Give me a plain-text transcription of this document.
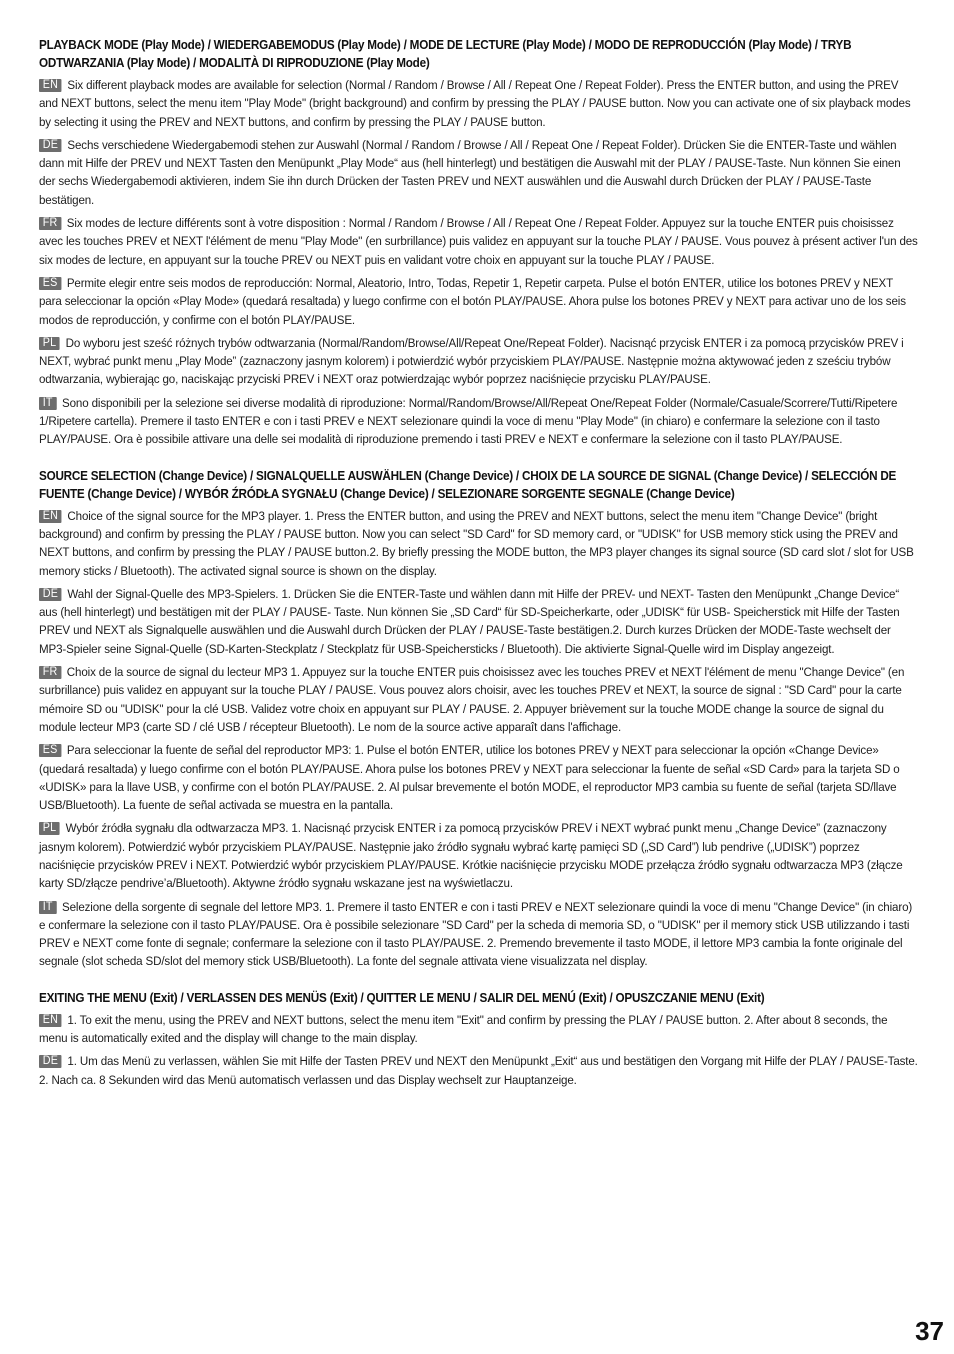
PLAYBACK MODE (Play Mode) / WIEDERGABEMODUS (Play Mode) / MODE DE LECTURE (Play Mode) / MODO DE REPRODUCCIÓN (Play Mode) / TRYB ODTWARZANIA (Play Mode) / MODALITÀ DI RIPRODUZIONE (Play Mode)

EN Six different playback modes are available for selection (Normal / Random / Browse / All / Repeat One / Repeat Folder). Press the ENTER button, and using the PREV and NEXT buttons, select the menu item "Play Mode" (bright background) and confirm by pressing the PLAY / PAUSE button. Now you can activate one of six playback modes by selecting it using the PREV and NEXT buttons, and confirm by pressing the PLAY / PAUSE button.

DE Sechs verschiedene Wiedergabemodi stehen zur Auswahl (Normal / Random / Browse / All / Repeat One / Repeat Folder). Drücken Sie die ENTER-Taste und wählen dann mit Hilfe der PREV und NEXT Tasten den Menüpunkt „Play Mode“ aus (hell hinterlegt) und bestätigen die Auswahl mit der PLAY / PAUSE-Taste. Nun können Sie einen der sechs Wiedergabemodi aktivieren, indem Sie ihn durch Drücken der Tasten PREV und NEXT auswählen und die Auswahl durch Drücken der PLAY / PAUSE-Taste bestätigen.

FR Six modes de lecture différents sont à votre disposition : Normal / Random / Browse / All / Repeat One / Repeat Folder. Appuyez sur la touche ENTER puis choisissez avec les touches PREV et NEXT l'élément de menu "Play Mode" (en surbrillance) puis validez en appuyant sur la touche PLAY / PAUSE. Vous pouvez à présent activer l'un des six modes de lecture, en appuyant sur la touche PREV ou NEXT puis en validant votre choix en appuyant sur la touche PLAY / PAUSE.

ES Permite elegir entre seis modos de reproducción: Normal, Aleatorio, Intro, Todas, Repetir 1, Repetir carpeta. Pulse el botón ENTER, utilice los botones PREV y NEXT para seleccionar la opción «Play Mode» (quedará resaltada) y luego confirme con el botón PLAY/PAUSE. Ahora pulse los botones PREV y NEXT para activar uno de los seis modos de reproducción, y confirme con el botón PLAY/PAUSE.

PL Do wyboru jest sześć różnych trybów odtwarzania (Normal/Random/Browse/All/Repeat One/Repeat Folder). Nacisnąć przycisk ENTER i za pomocą przycisków PREV i NEXT, wybrać punkt menu „Play Mode” (zaznaczony jasnym kolorem) i potwierdzić wybór przyciskiem PLAY/PAUSE. Następnie można aktywować jeden z sześciu trybów odtwarzania, wybierając go, naciskając przyciski PREV i NEXT oraz potwierdzając wybór poprzez naciśnięcie przycisku PLAY/PAUSE.

IT Sono disponibili per la selezione sei diverse modalità di riproduzione: Normal/Random/Browse/All/Repeat One/Repeat Folder (Normale/Casuale/Scorrere/Tutti/Ripetere 1/Ripetere cartella). Premere il tasto ENTER e con i tasti PREV e NEXT selezionare quindi la voce di menu "Play Mode" (in chiaro) e confermare la selezione con il tasto PLAY/PAUSE. Ora è possibile attivare una delle sei modalità di riproduzione premendo i tasti PREV e NEXT e confermare la selezione con il tasto PLAY/PAUSE.

SOURCE SELECTION (Change Device) / SIGNALQUELLE AUSWÄHLEN (Change Device) / CHOIX DE LA SOURCE DE SIGNAL (Change Device) / SELECCIÓN DE FUENTE (Change Device) / WYBÓR ŹRÓDŁA SYGNAŁU (Change Device) / SELEZIONARE SORGENTE SEGNALE (Change Device)

EN Choice of the signal source for the MP3 player. 1. Press the ENTER button, and using the PREV and NEXT buttons, select the menu item "Change Device" (bright background) and confirm by pressing the PLAY / PAUSE button. Now you can select "SD Card" for SD memory card, or "UDISK" for USB memory stick using the PREV and NEXT buttons, and confirm by pressing the PLAY / PAUSE button.2. By briefly pressing the MODE button, the MP3 player changes its signal source (SD card slot / slot for USB memory sticks / Bluetooth). The activated signal source is shown on the display.

DE Wahl der Signal-Quelle des MP3-Spielers. 1. Drücken Sie die ENTER-Taste und wählen dann mit Hilfe der PREV- und NEXT- Tasten den Menüpunkt „Change Device“ aus (hell hinterlegt) und bestätigen mit der PLAY / PAUSE- Taste. Nun können Sie „SD Card“ für SD-Speicherkarte, oder „UDISK“ für USB- Speicherstick mit Hilfe der Tasten PREV und NEXT als Signalquelle auswählen und die Auswahl durch Drücken der PLAY / PAUSE-Taste bestätigen.2. Durch kurzes Drücken der MODE-Taste wechselt der MP3-Spieler seine Signal-Quelle (SD-Karten-Steckplatz / Steckplatz für USB-Speichersticks / Bluetooth). Die aktivierte Signal-Quelle wird im Display angezeigt.

FR Choix de la source de signal du lecteur MP3 1. Appuyez sur la touche ENTER puis choisissez avec les touches PREV et NEXT l'élément de menu "Change Device" (en surbrillance) puis validez en appuyant sur la touche PLAY / PAUSE. Vous pouvez alors choisir, avec les touches PREV et NEXT, la source de signal : "SD Card" pour la carte mémoire SD ou "UDISK" pour la clé USB. Validez votre choix en appuyant sur PLAY / PAUSE. 2. Appuyer brièvement sur la touche MODE change la source de signal du module lecteur MP3 (carte SD / clé USB / récepteur Bluetooth). Le nom de la source active apparaît dans l'affichage.

ES Para seleccionar la fuente de señal del reproductor MP3: 1. Pulse el botón ENTER, utilice los botones PREV y NEXT para seleccionar la opción «Change Device» (quedará resaltada) y luego confirme con el botón PLAY/PAUSE. Ahora pulse los botones PREV y NEXT para seleccionar la fuente de señal «SD Card» para la tarjeta SD o «UDISK» para la llave USB, y confirme con el botón PLAY/PAUSE. 2. Al pulsar brevemente el botón MODE, el reproductor MP3 cambia su fuente de señal (tarjeta SD/llave USB/Bluetooth). La fuente de señal activada se muestra en la pantalla.

PL Wybór źródła sygnału dla odtwarzacza MP3. 1. Nacisnąć przycisk ENTER i za pomocą przycisków PREV i NEXT wybrać punkt menu „Change Device” (zaznaczony jasnym kolorem). Potwierdzić wybór przyciskiem PLAY/PAUSE. Następnie jako źródło sygnału wybrać kartę pamięci SD („SD Card”) lub pendrive („UDISK”) poprzez naciśnięcie przycisków PREV i NEXT. Potwierdzić wybór przyciskiem PLAY/PAUSE. Krótkie naciśnięcie przycisku MODE przełącza źródło sygnału odtwarzacza MP3 (złącze karty SD/złącze pendrive’a/Bluetooth). Aktywne źródło sygnału wskazane jest na wyświetlaczu.

IT Selezione della sorgente di segnale del lettore MP3. 1. Premere il tasto ENTER e con i tasti PREV e NEXT selezionare quindi la voce di menu "Change Device" (in chiaro) e confermare la selezione con il tasto PLAY/PAUSE. Ora è possibile selezionare "SD Card" per la scheda di memoria SD, o "UDISK" per il memory stick USB utilizzando i tasti PREV e NEXT come fonte di segnale; confermare la selezione con il tasto PLAY/PAUSE. 2. Premendo brevemente il tasto MODE, il lettore MP3 cambia la fonte originale del segnale (slot scheda SD/slot del memory stick USB/Bluetooth). La fonte del segnale attivata viene visualizzata nel display.

EXITING THE MENU (Exit) / VERLASSEN DES MENÜS (Exit) / QUITTER LE MENU / SALIR DEL MENÚ (Exit) / OPUSZCZANIE MENU (Exit)

EN 1. To exit the menu, using the PREV and NEXT buttons, select the menu item "Exit" and confirm by pressing the PLAY / PAUSE button. 2. After about 8 seconds, the menu is automatically exited and the display will change to the main display.

DE 1. Um das Menü zu verlassen, wählen Sie mit Hilfe der Tasten PREV und NEXT den Menüpunkt „Exit“ aus und bestätigen den Vorgang mit Hilfe der PLAY / PAUSE-Taste. 2. Nach ca. 8 Sekunden wird das Menü automatisch verlassen und das Display wechselt zur Hauptanzeige.

37
